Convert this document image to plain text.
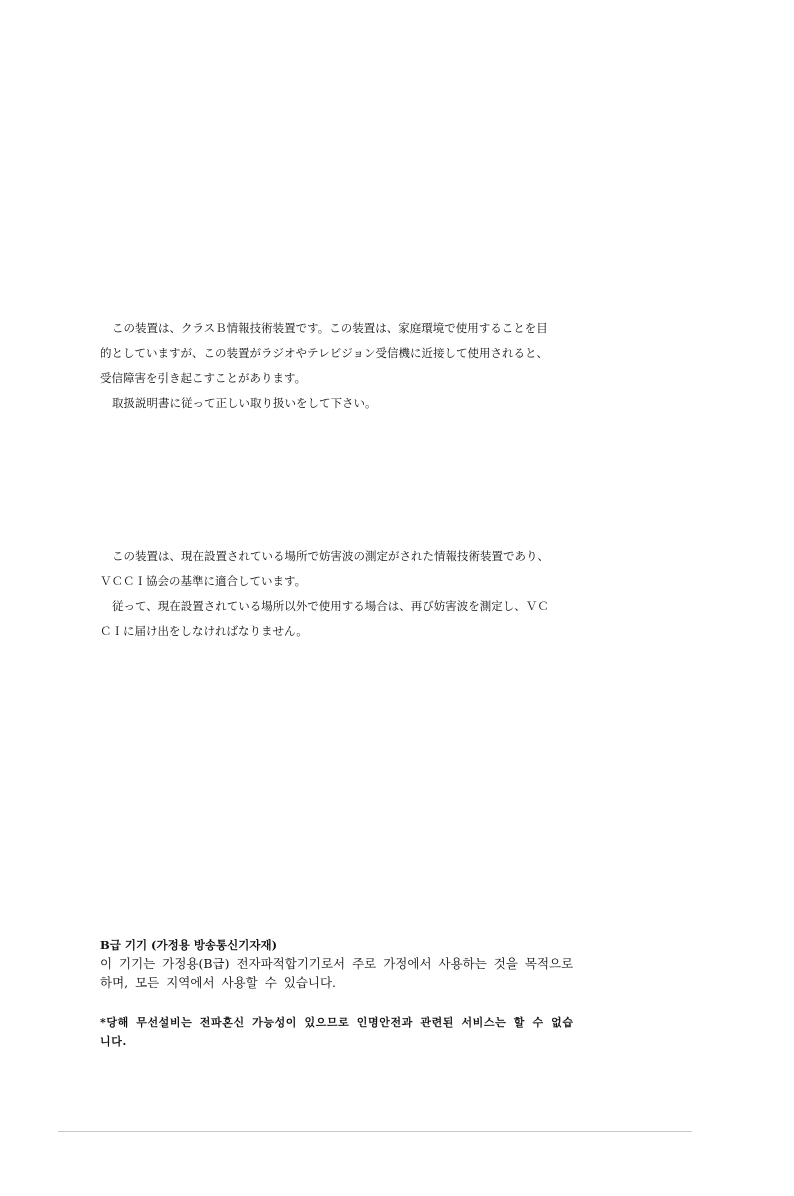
この装置は、クラスＢ情報技術装置です。この装置は、家庭環境で使用することを目
的としていますが、この装置がラジオやテレビジョン受信機に近接して使用されると、
受信障害を引き起こすことがあります。
取扱説明書に従って正しい取り扱いをして下さい。
この装置は、現在設置されている場所で妨害波の測定がされた情報技術装置であり、
ＶＣＣＩ協会の基準に適合しています。
従って、現在設置されている場所以外で使用する場合は、再び妨害波を測定し、ＶＣ
ＣＩに届け出をしなければなりません。
B급 기기 (가정용 방송통신기자재)
이 기기는 가정용(B급) 전자파적합기기로서 주로 가정에서 사용하는 것을 목적으로
하며, 모든 지역에서 사용할 수 있습니다.
*당해 무선설비는 전파혼신 가능성이 있으므로 인명안전과 관련된 서비스는 할 수 없습
니다.
